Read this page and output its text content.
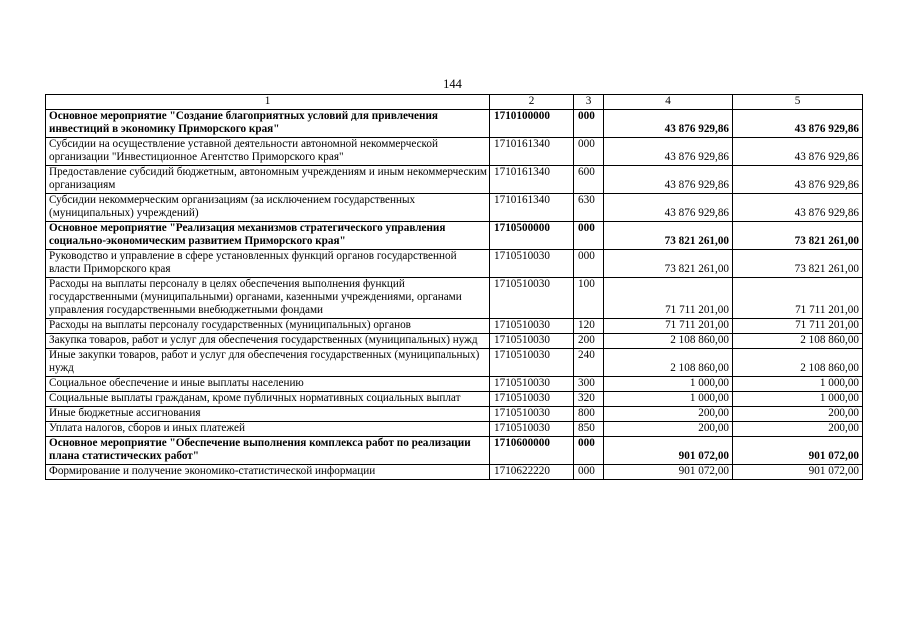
144
1	2	3	4	5
Основное мероприятие "Создание благоприятных условий для привлечения инвестиций в экономику Приморского края"	1710100000	000	43 876 929,86	43 876 929,86
Субсидии на осуществление уставной деятельности автономной некоммерческой организации "Инвестиционное Агентство Приморского края"	1710161340	000	43 876 929,86	43 876 929,86
Предоставление субсидий бюджетным, автономным учреждениям и иным некоммерческим организациям	1710161340	600	43 876 929,86	43 876 929,86
Субсидии некоммерческим организациям (за исключением государственных (муниципальных) учреждений)	1710161340	630	43 876 929,86	43 876 929,86
Основное мероприятие "Реализация механизмов стратегического управления социально-экономическим развитием Приморского края"	1710500000	000	73 821 261,00	73 821 261,00
Руководство и управление в сфере установленных функций органов государственной власти Приморского края	1710510030	000	73 821 261,00	73 821 261,00
Расходы на выплаты персоналу в целях обеспечения выполнения функций государственными (муниципальными) органами, казенными учреждениями, органами управления государственными внебюджетными фондами	1710510030	100	71 711 201,00	71 711 201,00
Расходы на выплаты персоналу государственных (муниципальных) органов	1710510030	120	71 711 201,00	71 711 201,00
Закупка товаров, работ и услуг для обеспечения государственных (муниципальных) нужд	1710510030	200	2 108 860,00	2 108 860,00
Иные закупки товаров, работ и услуг для обеспечения государственных (муниципальных) нужд	1710510030	240	2 108 860,00	2 108 860,00
Социальное обеспечение и иные выплаты населению	1710510030	300	1 000,00	1 000,00
Социальные выплаты гражданам, кроме публичных нормативных социальных выплат	1710510030	320	1 000,00	1 000,00
Иные бюджетные ассигнования	1710510030	800	200,00	200,00
Уплата налогов, сборов и иных платежей	1710510030	850	200,00	200,00
Основное мероприятие "Обеспечение выполнения комплекса работ по реализации плана статистических работ"	1710600000	000	901 072,00	901 072,00
Формирование и получение экономико-статистической информации	1710622220	000	901 072,00	901 072,00
